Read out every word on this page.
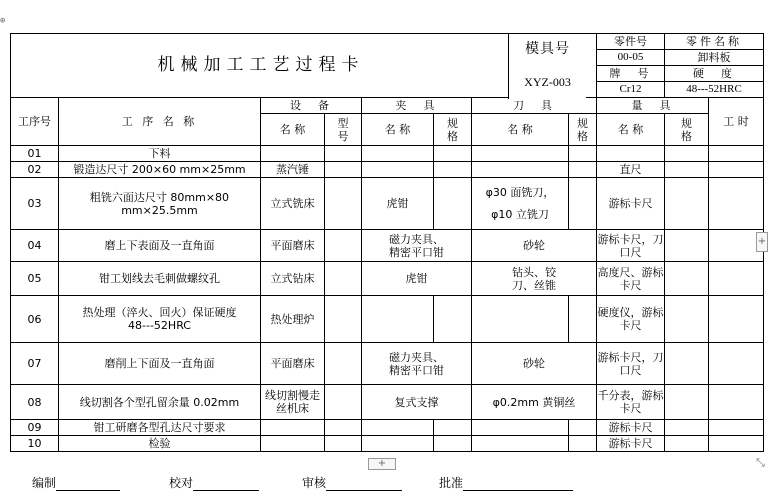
⊕
机械加工工艺过程卡								零件号	零件名称	
								00-05	卸料板	
								牌　号	硬　度	
								Cr12	48---52HRC	
工序号	工 序 名 称	设　备		夹　具		刀　具		量　具		工 时
		名 称	型号	名 称	规格	名 称	规格	名 称	规格	
01	下料									
02	锻造达尺寸 200×60 mm×25mm	蒸汽锤						直尺		
03	粗铣六面达尺寸 80mm×80 mm×25.5mm	立式铣床		虎钳		φ30 面铣刀，φ10 立铣刀		游标卡尺		
04	磨上下表面及一直角面	平面磨床		磁力夹具、精密平口钳		砂轮		游标卡尺，刀口尺		
05	钳工划线去毛刺做螺纹孔	立式钻床		虎钳		钻头、铰刀、丝锥		高度尺、游标卡尺		
06	热处理（淬火、回火）保证硬度 48---52HRC	热处理炉						硬度仪，游标卡尺		
07	磨削上下面及一直角面	平面磨床		磁力夹具、精密平口钳		砂轮		游标卡尺，刀口尺		
08	线切割各个型孔留余量 0.02mm	线切割慢走丝机床		复式支撑		φ0.2mm 黄铜丝		千分表，游标卡尺		
09	钳工研磨各型孔达尺寸要求							游标卡尺		
10	检验							游标卡尺		
模具号
XYZ-003
+
+	⤡
编制	校对	审核	批准
